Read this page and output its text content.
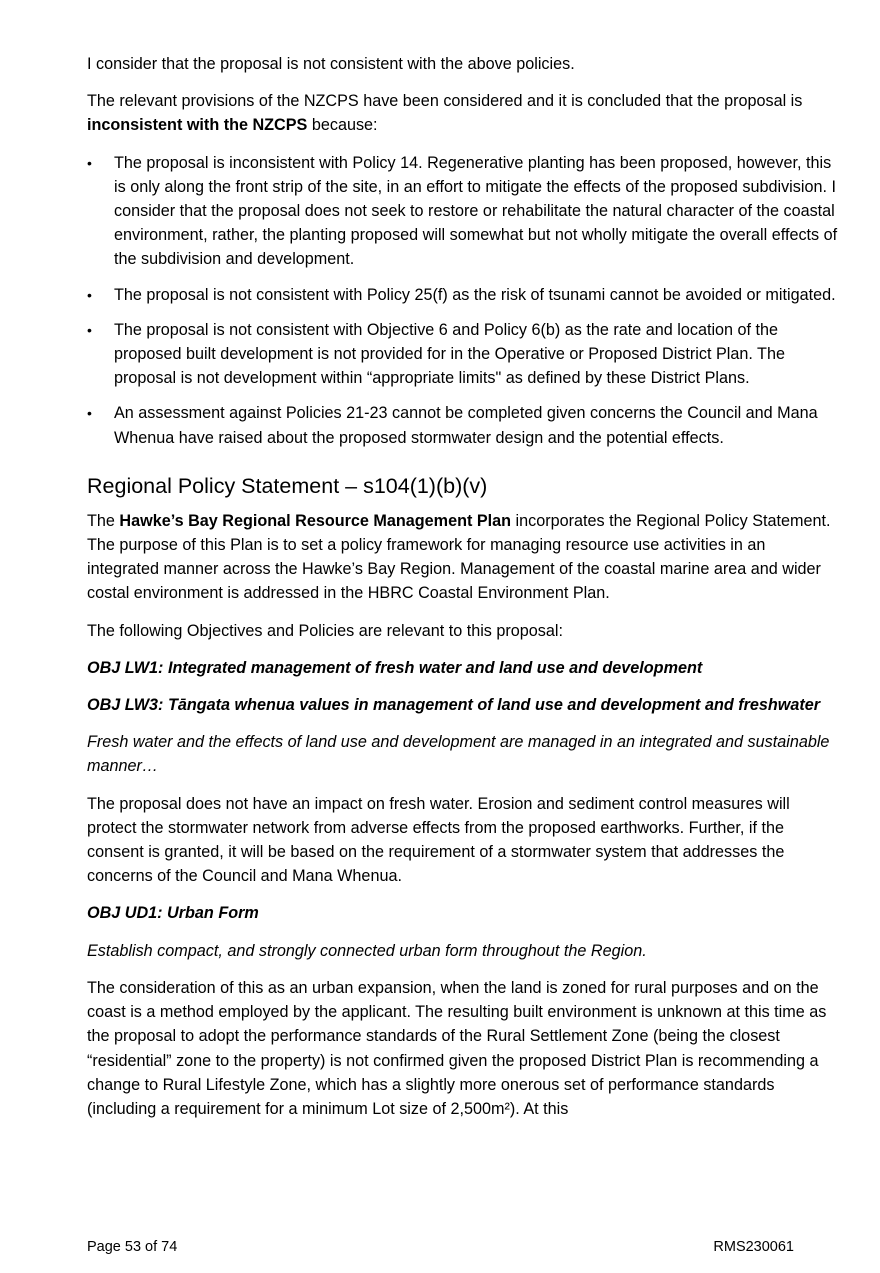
I consider that the proposal is not consistent with the above policies.

The relevant provisions of the NZCPS have been considered and it is concluded that the proposal is inconsistent with the NZCPS because:

• The proposal is inconsistent with Policy 14. Regenerative planting has been proposed, however, this is only along the front strip of the site, in an effort to mitigate the effects of the proposed subdivision. I consider that the proposal does not seek to restore or rehabilitate the natural character of the coastal environment, rather, the planting proposed will somewhat but not wholly mitigate the overall effects of the subdivision and development.
• The proposal is not consistent with Policy 25(f) as the risk of tsunami cannot be avoided or mitigated.
• The proposal is not consistent with Objective 6 and Policy 6(b) as the rate and location of the proposed built development is not provided for in the Operative or Proposed District Plan. The proposal is not development within “appropriate limits" as defined by these District Plans.
• An assessment against Policies 21-23 cannot be completed given concerns the Council and Mana Whenua have raised about the proposed stormwater design and the potential effects.
Regional Policy Statement – s104(1)(b)(v)

The Hawke’s Bay Regional Resource Management Plan incorporates the Regional Policy Statement. The purpose of this Plan is to set a policy framework for managing resource use activities in an integrated manner across the Hawke’s Bay Region. Management of the coastal marine area and wider costal environment is addressed in the HBRC Coastal Environment Plan.

The following Objectives and Policies are relevant to this proposal:

OBJ LW1: Integrated management of fresh water and land use and development

OBJ LW3: Tāngata whenua values in management of land use and development and freshwater

Fresh water and the effects of land use and development are managed in an integrated and sustainable manner…

The proposal does not have an impact on fresh water. Erosion and sediment control measures will protect the stormwater network from adverse effects from the proposed earthworks. Further, if the consent is granted, it will be based on the requirement of a stormwater system that addresses the concerns of the Council and Mana Whenua.

OBJ UD1: Urban Form

Establish compact, and strongly connected urban form throughout the Region.

The consideration of this as an urban expansion, when the land is zoned for rural purposes and on the coast is a method employed by the applicant. The resulting built environment is unknown at this time as the proposal to adopt the performance standards of the Rural Settlement Zone (being the closest “residential” zone to the property) is not confirmed given the proposed District Plan is recommending a change to Rural Lifestyle Zone, which has a slightly more onerous set of performance standards (including a requirement for a minimum Lot size of 2,500m²). At this

Page 53 of 74	RMS230061
